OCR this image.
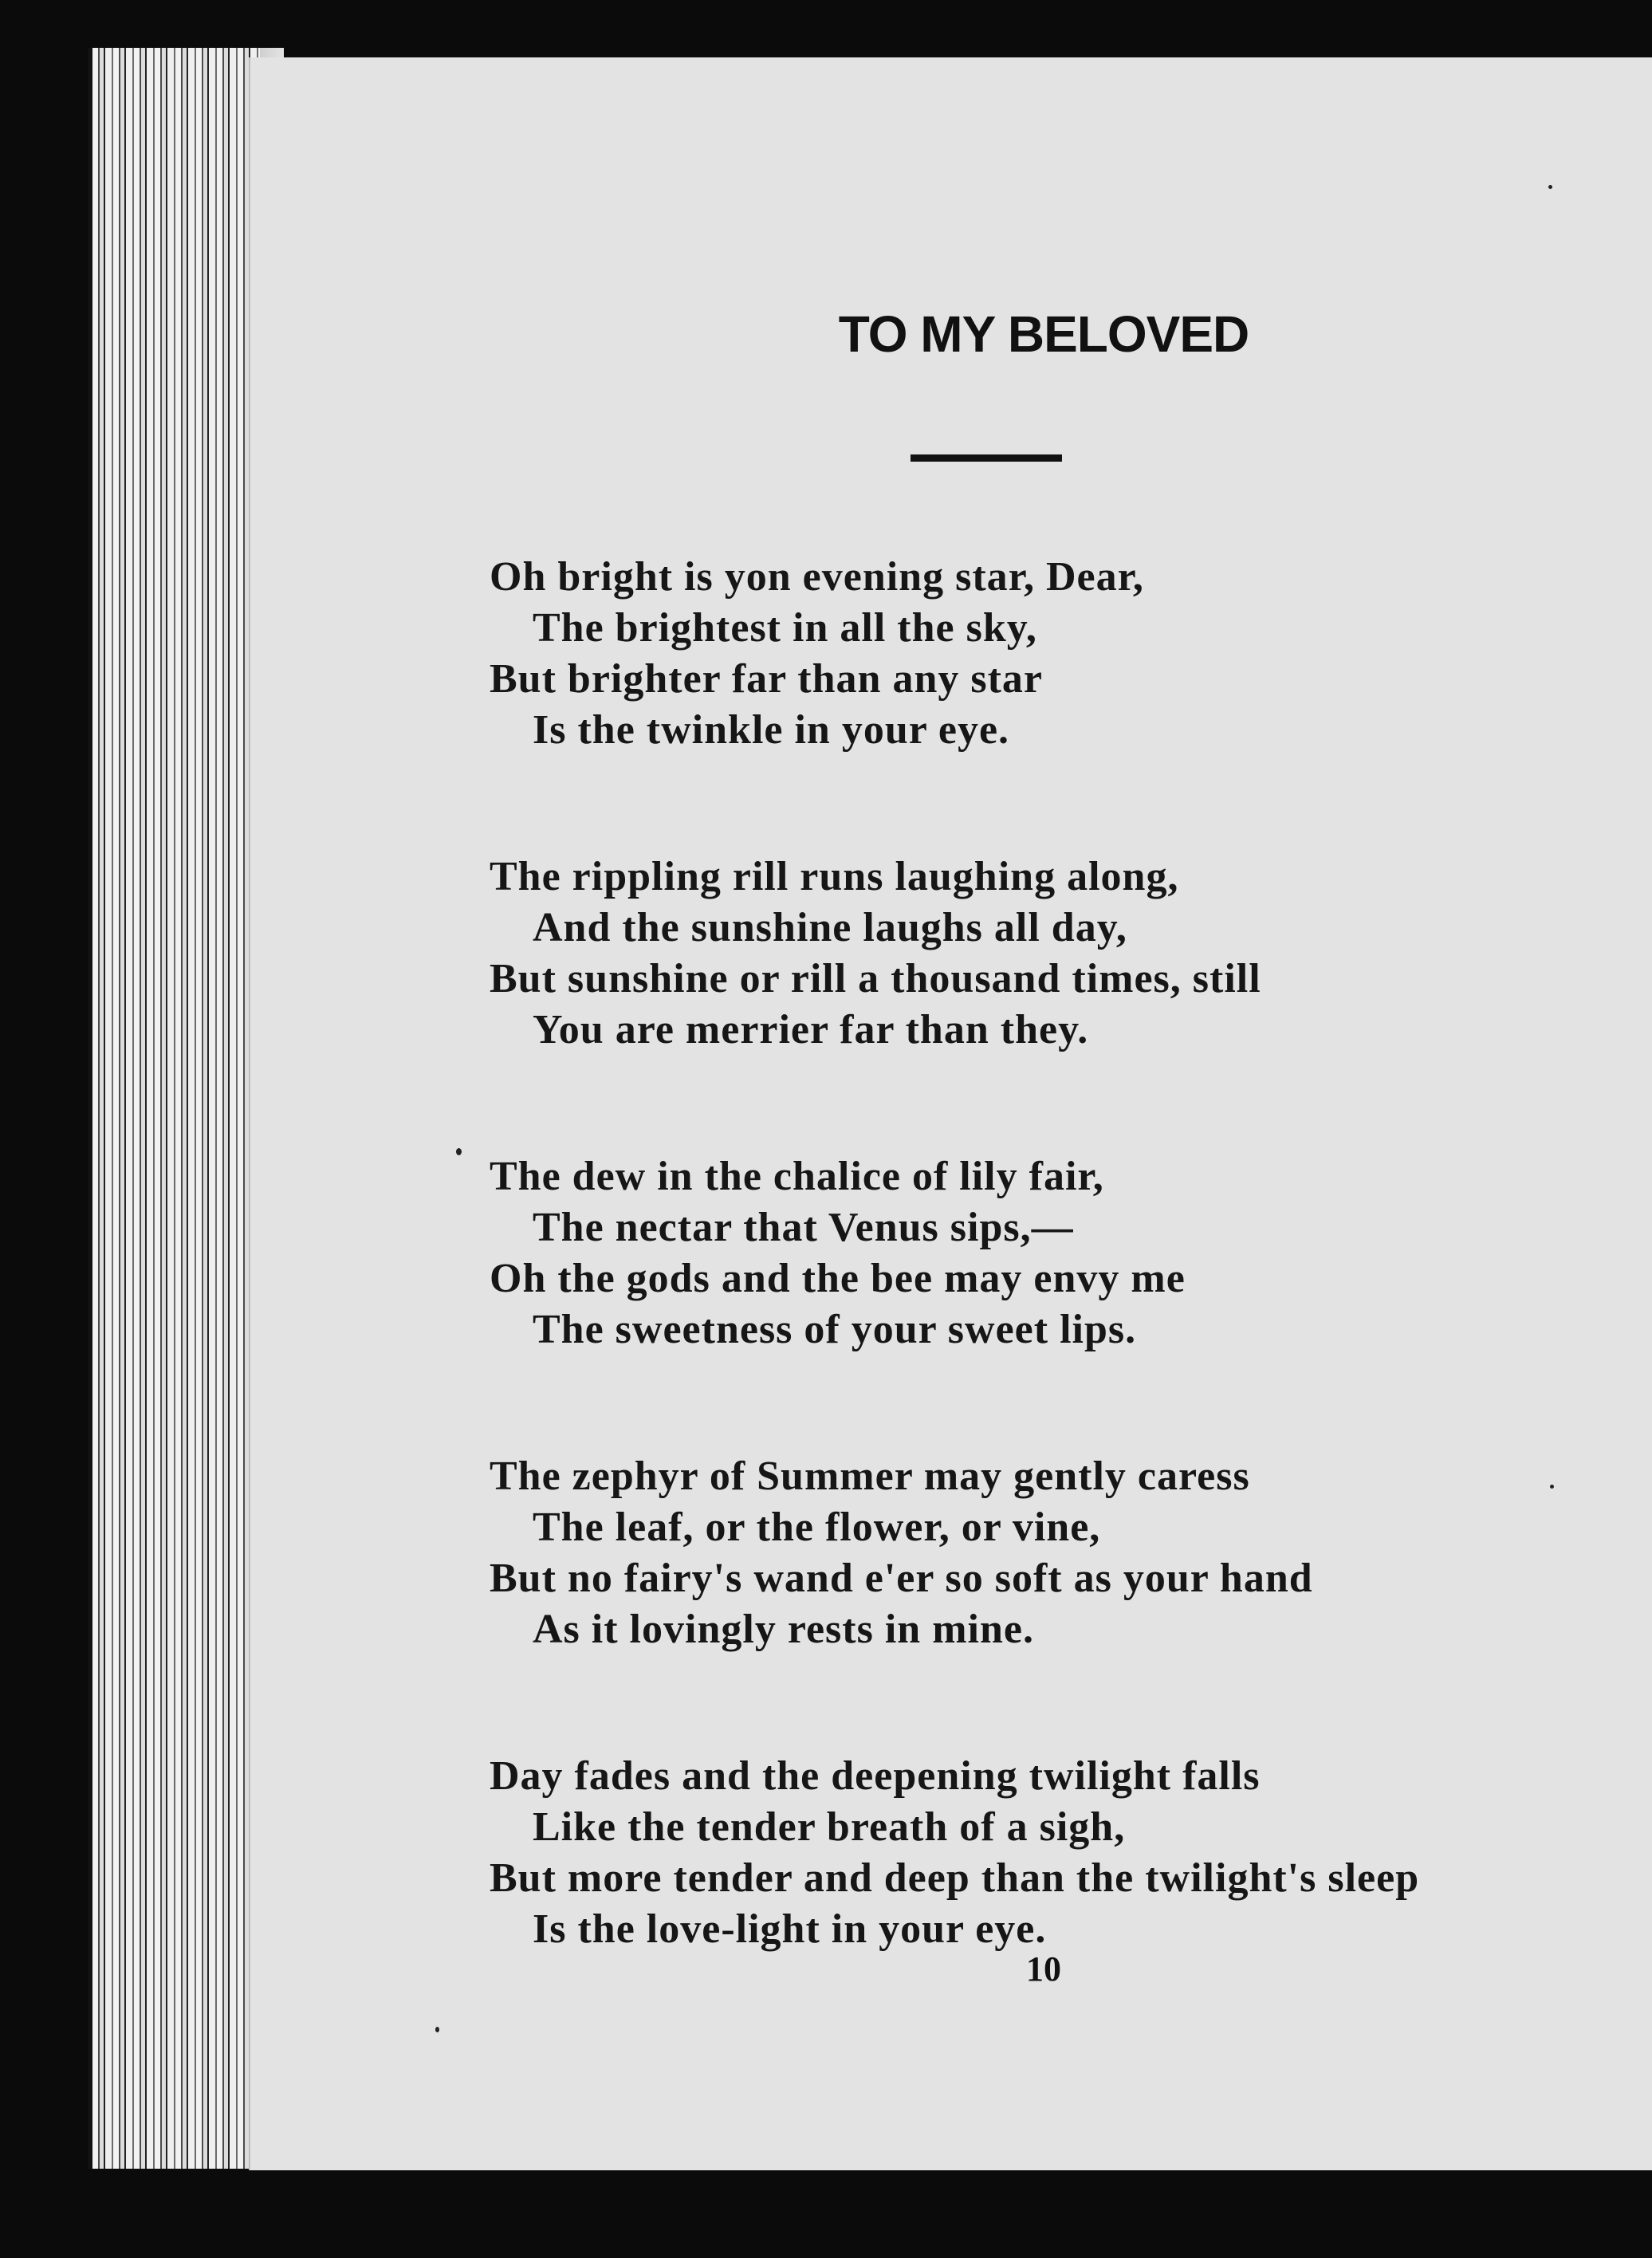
TO MY BELOVED
Oh bright is yon evening star, Dear,
The brightest in all the sky,
But brighter far than any star
Is the twinkle in your eye.
The rippling rill runs laughing along,
And the sunshine laughs all day,
But sunshine or rill a thousand times, still
You are merrier far than they.
The dew in the chalice of lily fair,
The nectar that Venus sips,—
Oh the gods and the bee may envy me
The sweetness of your sweet lips.
The zephyr of Summer may gently caress
The leaf, or the flower, or vine,
But no fairy's wand e'er so soft as your hand
As it lovingly rests in mine.
Day fades and the deepening twilight falls
Like the tender breath of a sigh,
But more tender and deep than the twilight's sleep
Is the love-light in your eye.
10
